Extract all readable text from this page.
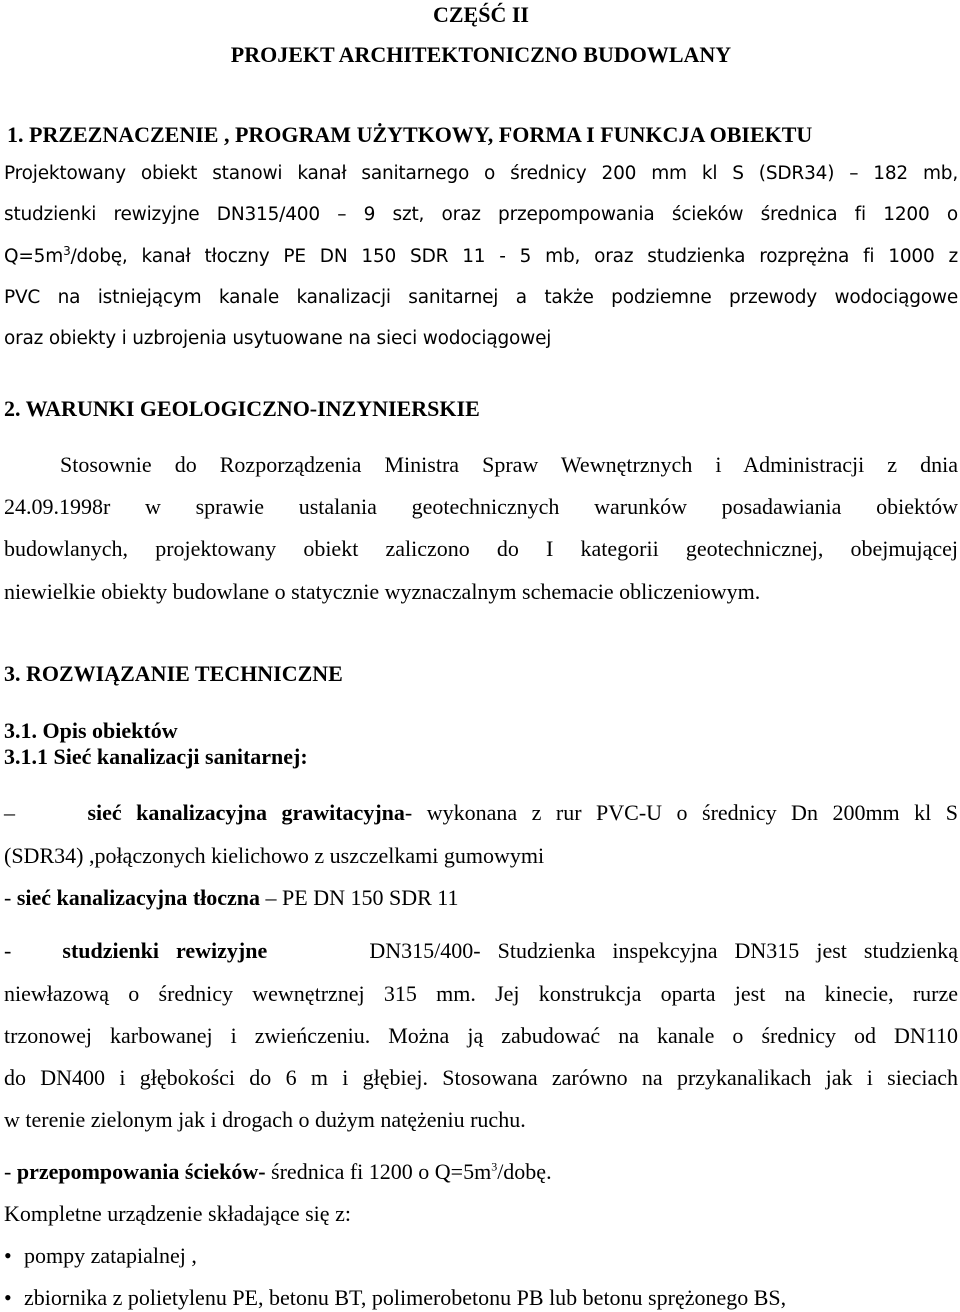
CZĘŚĆ II
PROJEKT ARCHITEKTONICZNO BUDOWLANY
1. PRZEZNACZENIE , PROGRAM UŻYTKOWY, FORMA I FUNKCJA OBIEKTU
Projektowany obiekt stanowi kanał sanitarnego o średnicy 200 mm kl S (SDR34) – 182 mb,
studzienki rewizyjne DN315/400 – 9 szt, oraz przepompowania ścieków średnica fi 1200 o
$Q=5m^3$/dobę, kanał tłoczny PE DN 150 SDR 11 - 5 mb, oraz studzienka rozprężna fi 1000 z
PVC na istniejącym kanale kanalizacji sanitarnej a także podziemne przewody wodociągowe
oraz obiekty i uzbrojenia usytuowane na sieci wodociągowej
2. WARUNKI GEOLOGICZNO-INZYNIERSKIE
Stosownie do Rozporządzenia Ministra Spraw Wewnętrznych i Administracji z dnia
24.09.1998r w sprawie ustalania geotechnicznych warunków posadawiania obiektów
budowlanych, projektowany obiekt zaliczono do I kategorii geotechnicznej, obejmującej
niewielkie obiekty budowlane o statycznie wyznaczalnym schemacie obliczeniowym.
3. ROZWIĄZANIE TECHNICZNE
3.1. Opis obiektów
3.1.1 Sieć kanalizacji sanitarnej:
–	sieć kanalizacyjna grawitacyjna- wykonana z rur PVC-U o średnicy Dn 200mm kl S
(SDR34) ,połączonych kielichowo z uszczelkami gumowymi
- sieć kanalizacyjna tłoczna – PE DN 150 SDR 11
- studzienki rewizyjne	DN315/400- Studzienka inspekcyjna DN315 jest studzienką
niewłazową o średnicy wewnętrznej 315 mm. Jej konstrukcja oparta jest na kinecie, rurze
trzonowej karbowanej i zwieńczeniu. Można ją zabudować na kanale o średnicy od DN110
do DN400 i głębokości do 6 m i głębiej. Stosowana zarówno na przykanalikach jak i sieciach
w terenie zielonym jak i drogach o dużym natężeniu ruchu.
- przepompowania ścieków- średnica fi 1200 o $Q=5m^3$/dobę.
Kompletne urządzenie składające się z:
• pompy zatapialnej ,
• zbiornika z polietylenu PE, betonu BT, polimerobetonu PB lub betonu sprężonego BS,
